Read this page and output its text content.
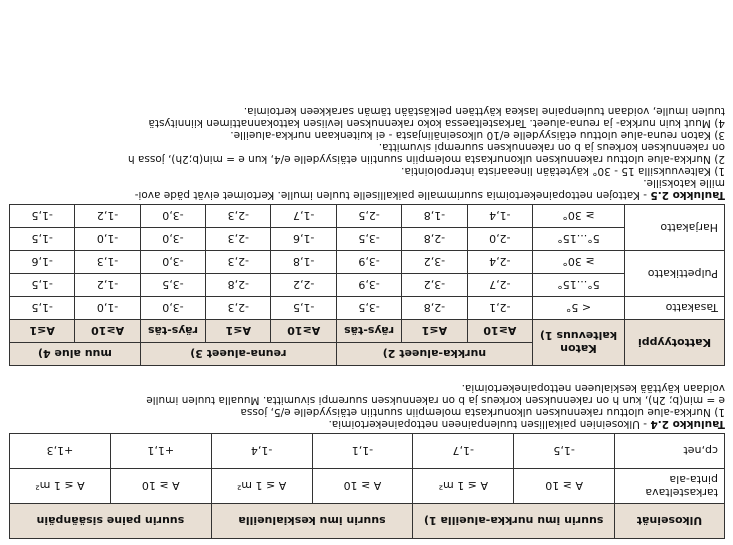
Ulkoseinät	suurin imu nurkka-alueilla 1)		suurin imu keskialueilla		suurin paine sisäänpäin	
tarkasteltava pinta-ala	A ≥ 10	A ≤ 1 m²	A ≥ 10	A ≤ 1 m²	A ≥ 10	A ≤ 1 m²
cp,net	-1,5	-1,7	-1,1	-1,4	+1,1	+1,3

Taulukko 2.4 - Ulkoseinien paikallisen tuulenpaineen nettopainekertoimia.

1) Nurkka-alue ulottuu rakennuksen ulkonurkasta molempiin suuntiin etäisyydelle e/5, jossa

e = min(b; 2h), kun h on rakennuksen korkeus ja b on rakennuksen suurempi sivumitta. Muualla tuulen imulle

voidaan käyttää keskialueen nettopainekertoimia.

Kattotyyppi	Katon kaltevuus 1)	nurkka-alueet 2)			reuna-alueet 3)			muu alue 4)	
		A≥10	A≤1	räys-täs	A≥10	A≤1	räys-täs	A≥10	A≤1
Tasakatto	< 5°	-2,1	-2,8	-3,5	-1,5	-2,3	-3,0	-1,0	-1,5
Pulpettikatto	5°...15°	-2,7	-3,2	-3,9	-2,2	-2,8	-3,5	-1,2	-1,5
	≥ 30°	-2,4	-3,2	-3,9	-1,8	-2,3	-3,0	-1,3	-1,6
Harjakatto	5°...15°	-2,0	-2,8	-3,5	-1,6	-2,3	-3,0	-1,0	-1,5
	≥ 30°	-1,4	-1,8	-2,5	-1,7	-2,3	-3,0	-1,2	-1,5

Taulukko 2.5 - Kattojen nettopainekertoimia suurimmalle paikalliselle tuulen imulle. Kertoimet eivät päde avoi-

mille katoksille.

1) Kaltevuuksilla 15 - 30° käytetään lineaarista interpolointia.

2) Nurkka-alue ulottuu rakennuksen ulkonurkasta molempiin suuntiin etäisyydelle e/4, kun e = min(b;2h), jossa h

on rakennuksen korkeus ja b on rakennuksen suurempi sivumitta.

3) Katon reuna-alue ulottuu etäisyydelle e/10 ulkoseinälinjasta - ei kuitenkaan nurkka-alueille.

4) Muut kuin nurkka- ja reuna-alueet. Tarkasteltaessa koko rakennuksen leviisen kattokannattimen kiinnitystä

tuulen imulle, voidaan tuulenpaine laskea käyttäen pelkästään tämän sarakkeen kertoimia.
